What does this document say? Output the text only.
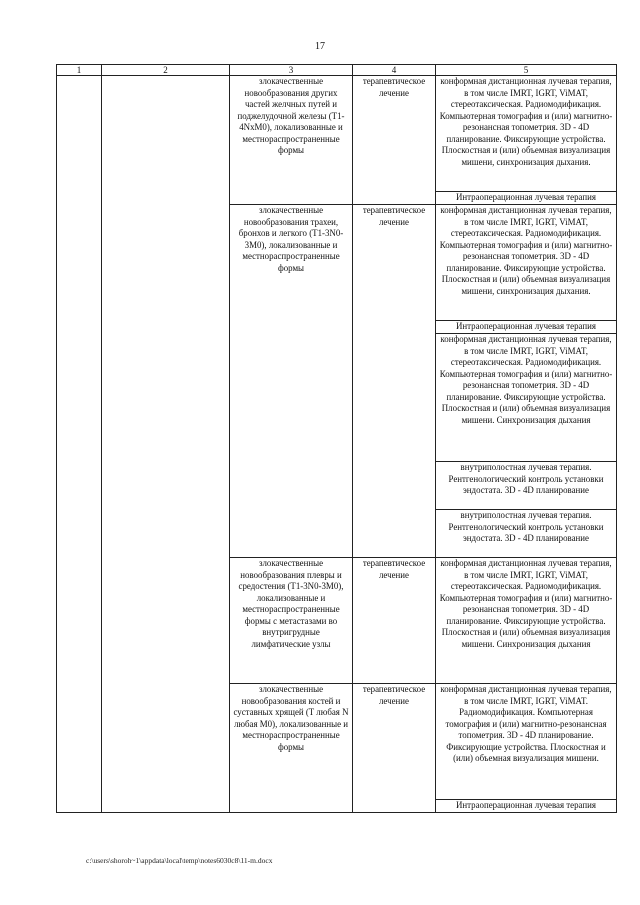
17
1	2	3	4	5
		злокачественные новообразования других частей желчных путей и поджелудочной железы (T1-4NxM0), локализованные и местнораспространенные формы	терапевтическое лечение	конформная дистанционная лучевая терапия, в том числе IMRT, IGRT, ViMAT, стереотаксическая. Радиомодификация. Компьютерная томография и (или) магнитно-резонансная топометрия. 3D - 4D планирование. Фиксирующие устройства. Плоскостная и (или) объемная визуализация мишени, синхронизация дыхания.
				Интраоперационная лучевая терапия
		злокачественные новообразования трахеи, бронхов и легкого (T1-3N0-3M0), локализованные и местнораспространенные формы	терапевтическое лечение	конформная дистанционная лучевая терапия, в том числе IMRT, IGRT, ViMAT, стереотаксическая. Радиомодификация. Компьютерная томография и (или) магнитно-резонансная топометрия. 3D - 4D планирование. Фиксирующие устройства. Плоскостная и (или) объемная визуализация мишени, синхронизация дыхания.
				Интраоперационная лучевая терапия
				конформная дистанционная лучевая терапия, в том числе IMRT, IGRT, ViMAT, стереотаксическая. Радиомодификация. Компьютерная томография и (или) магнитно-резонансная топометрия. 3D - 4D планирование. Фиксирующие устройства. Плоскостная и (или) объемная визуализация мишени. Синхронизация дыхания
				внутриполостная лучевая терапия. Рентгенологический контроль установки эндостата. 3D - 4D планирование
				внутриполостная лучевая терапия. Рентгенологический контроль установки эндостата. 3D - 4D планирование
		злокачественные новообразования плевры и средостения (T1-3N0-3M0), локализованные и местнораспространенные формы с метастазами во внутригрудные лимфатические узлы	терапевтическое лечение	конформная дистанционная лучевая терапия, в том числе IMRT, IGRT, ViMAT, стереотаксическая. Радиомодификация. Компьютерная томография и (или) магнитно-резонансная топометрия. 3D - 4D планирование. Фиксирующие устройства. Плоскостная и (или) объемная визуализация мишени. Синхронизация дыхания
		злокачественные новообразования костей и суставных хрящей (T любая N любая M0), локализованные и местнораспространенные формы	терапевтическое лечение	конформная дистанционная лучевая терапия, в том числе IMRT, IGRT, ViMAT. Радиомодификация. Компьютерная томография и (или) магнитно-резонансная топометрия. 3D - 4D планирование. Фиксирующие устройства. Плоскостная и (или) объемная визуализация мишени.
				Интраоперационная лучевая терапия
c:\users\shoroh~1\appdata\local\temp\notes6030c8\11-m.docx
